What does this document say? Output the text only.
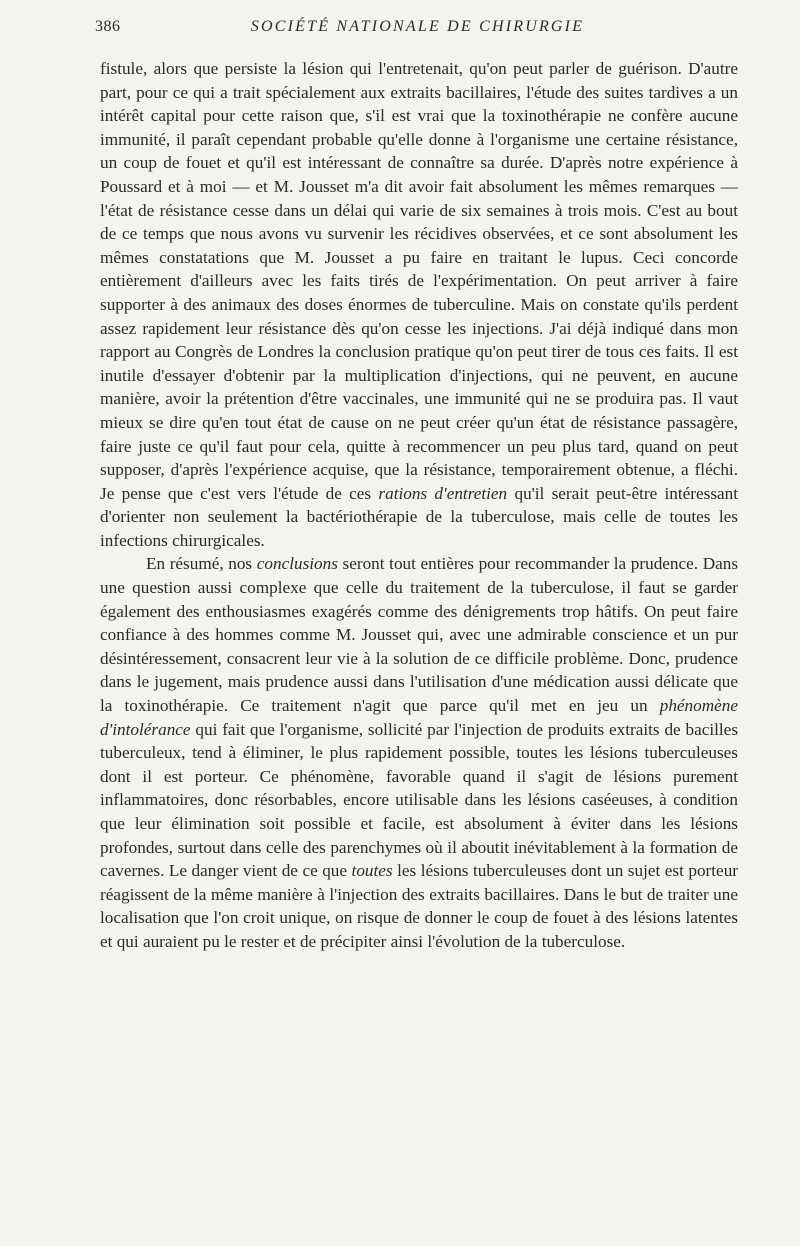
386	SOCIÉTÉ NATIONALE DE CHIRURGIE

fistule, alors que persiste la lésion qui l'entretenait, qu'on peut parler de guérison. D'autre part, pour ce qui a trait spécialement aux extraits bacillaires, l'étude des suites tardives a un intérêt capital pour cette raison que, s'il est vrai que la toxinothérapie ne confère aucune immunité, il paraît cependant probable qu'elle donne à l'organisme une certaine résistance, un coup de fouet et qu'il est intéressant de connaître sa durée. D'après notre expérience à Poussard et à moi — et M. Jousset m'a dit avoir fait absolument les mêmes remarques — l'état de résistance cesse dans un délai qui varie de six semaines à trois mois. C'est au bout de ce temps que nous avons vu survenir les récidives observées, et ce sont absolument les mêmes constatations que M. Jousset a pu faire en traitant le lupus. Ceci concorde entièrement d'ailleurs avec les faits tirés de l'expérimentation. On peut arriver à faire supporter à des animaux des doses énormes de tuberculine. Mais on constate qu'ils perdent assez rapidement leur résistance dès qu'on cesse les injections. J'ai déjà indiqué dans mon rapport au Congrès de Londres la conclusion pratique qu'on peut tirer de tous ces faits. Il est inutile d'essayer d'obtenir par la multiplication d'injections, qui ne peuvent, en aucune manière, avoir la prétention d'être vaccinales, une immunité qui ne se produira pas. Il vaut mieux se dire qu'en tout état de cause on ne peut créer qu'un état de résistance passagère, faire juste ce qu'il faut pour cela, quitte à recommencer un peu plus tard, quand on peut supposer, d'après l'expérience acquise, que la résistance, temporairement obtenue, a fléchi. Je pense que c'est vers l'étude de ces rations d'entretien qu'il serait peut-être intéressant d'orienter non seulement la bactériothérapie de la tuberculose, mais celle de toutes les infections chirurgicales.

En résumé, nos conclusions seront tout entières pour recommander la prudence. Dans une question aussi complexe que celle du traitement de la tuberculose, il faut se garder également des enthousiasmes exagérés comme des dénigrements trop hâtifs. On peut faire confiance à des hommes comme M. Jousset qui, avec une admirable conscience et un pur désintéressement, consacrent leur vie à la solution de ce difficile problème. Donc, prudence dans le jugement, mais prudence aussi dans l'utilisation d'une médication aussi délicate que la toxinothérapie. Ce traitement n'agit que parce qu'il met en jeu un phénomène d'intolérance qui fait que l'organisme, sollicité par l'injection de produits extraits de bacilles tuberculeux, tend à éliminer, le plus rapidement possible, toutes les lésions tuberculeuses dont il est porteur. Ce phénomène, favorable quand il s'agit de lésions purement inflammatoires, donc résorbables, encore utilisable dans les lésions caséeuses, à condition que leur élimination soit possible et facile, est absolument à éviter dans les lésions profondes, surtout dans celle des parenchymes où il aboutit inévitablement à la formation de cavernes. Le danger vient de ce que toutes les lésions tuberculeuses dont un sujet est porteur réagissent de la même manière à l'injection des extraits bacillaires. Dans le but de traiter une localisation que l'on croit unique, on risque de donner le coup de fouet à des lésions latentes et qui auraient pu le rester et de précipiter ainsi l'évolution de la tuberculose.
